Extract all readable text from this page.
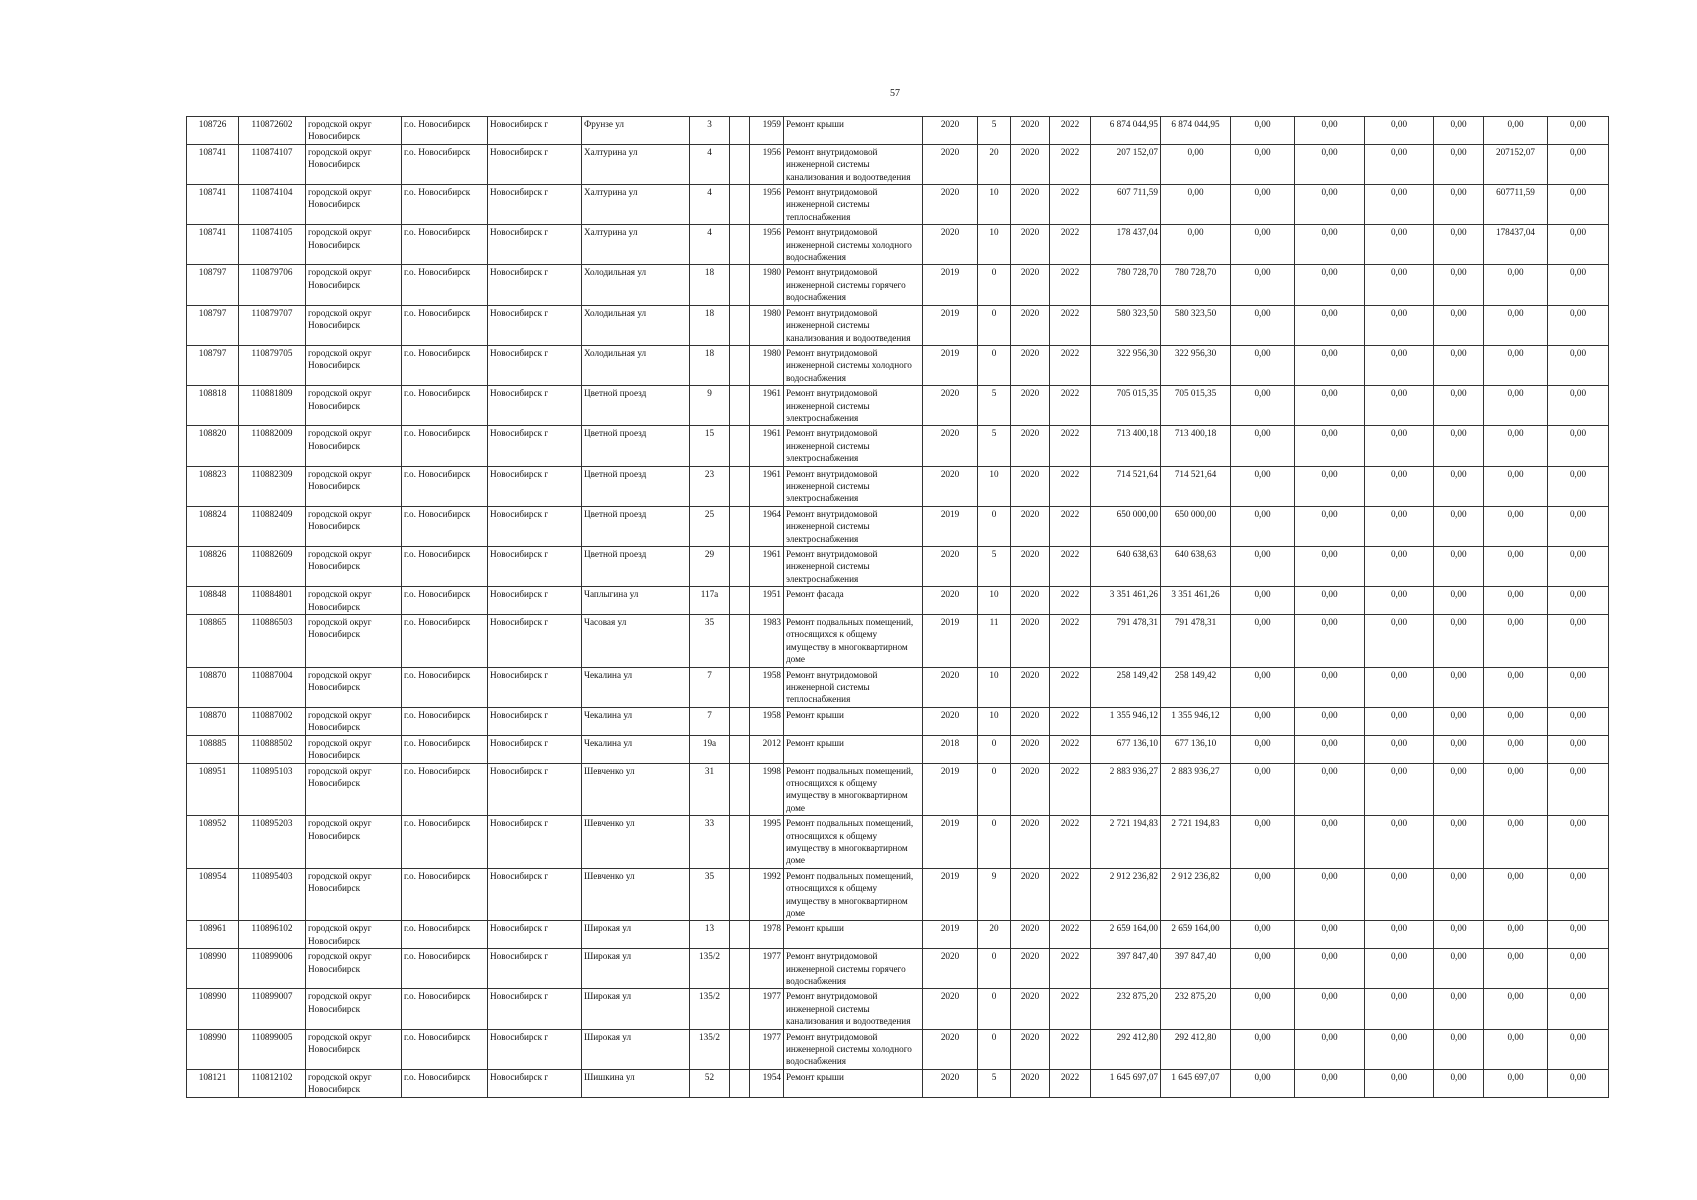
57
108726	110872602	городской округ Новосибирск	г.о. Новосибирск	Новосибирск г	Фрунзе ул	3		1959	Ремонт крыши	2020	5	2020	2022	6 874 044,95	6 874 044,95	0,00	0,00	0,00	0,00	0,00	0,00
108741	110874107	городской округ Новосибирск	г.о. Новосибирск	Новосибирск г	Халтурина ул	4		1956	Ремонт внутридомовой инженерной системы канализования и водоотведения	2020	20	2020	2022	207 152,07	0,00	0,00	0,00	0,00	0,00	207152,07	0,00
108741	110874104	городской округ Новосибирск	г.о. Новосибирск	Новосибирск г	Халтурина ул	4		1956	Ремонт внутридомовой инженерной системы теплоснабжения	2020	10	2020	2022	607 711,59	0,00	0,00	0,00	0,00	0,00	607711,59	0,00
108741	110874105	городской округ Новосибирск	г.о. Новосибирск	Новосибирск г	Халтурина ул	4		1956	Ремонт внутридомовой инженерной системы холодного водоснабжения	2020	10	2020	2022	178 437,04	0,00	0,00	0,00	0,00	0,00	178437,04	0,00
108797	110879706	городской округ Новосибирск	г.о. Новосибирск	Новосибирск г	Холодильная ул	18		1980	Ремонт внутридомовой инженерной системы горячего водоснабжения	2019	0	2020	2022	780 728,70	780 728,70	0,00	0,00	0,00	0,00	0,00	0,00
108797	110879707	городской округ Новосибирск	г.о. Новосибирск	Новосибирск г	Холодильная ул	18		1980	Ремонт внутридомовой инженерной системы канализования и водоотведения	2019	0	2020	2022	580 323,50	580 323,50	0,00	0,00	0,00	0,00	0,00	0,00
108797	110879705	городской округ Новосибирск	г.о. Новосибирск	Новосибирск г	Холодильная ул	18		1980	Ремонт внутридомовой инженерной системы холодного водоснабжения	2019	0	2020	2022	322 956,30	322 956,30	0,00	0,00	0,00	0,00	0,00	0,00
108818	110881809	городской округ Новосибирск	г.о. Новосибирск	Новосибирск г	Цветной проезд	9		1961	Ремонт внутридомовой инженерной системы электроснабжения	2020	5	2020	2022	705 015,35	705 015,35	0,00	0,00	0,00	0,00	0,00	0,00
108820	110882009	городской округ Новосибирск	г.о. Новосибирск	Новосибирск г	Цветной проезд	15		1961	Ремонт внутридомовой инженерной системы электроснабжения	2020	5	2020	2022	713 400,18	713 400,18	0,00	0,00	0,00	0,00	0,00	0,00
108823	110882309	городской округ Новосибирск	г.о. Новосибирск	Новосибирск г	Цветной проезд	23		1961	Ремонт внутридомовой инженерной системы электроснабжения	2020	10	2020	2022	714 521,64	714 521,64	0,00	0,00	0,00	0,00	0,00	0,00
108824	110882409	городской округ Новосибирск	г.о. Новосибирск	Новосибирск г	Цветной проезд	25		1964	Ремонт внутридомовой инженерной системы электроснабжения	2019	0	2020	2022	650 000,00	650 000,00	0,00	0,00	0,00	0,00	0,00	0,00
108826	110882609	городской округ Новосибирск	г.о. Новосибирск	Новосибирск г	Цветной проезд	29		1961	Ремонт внутридомовой инженерной системы электроснабжения	2020	5	2020	2022	640 638,63	640 638,63	0,00	0,00	0,00	0,00	0,00	0,00
108848	110884801	городской округ Новосибирск	г.о. Новосибирск	Новосибирск г	Чаплыгина ул	117а		1951	Ремонт фасада	2020	10	2020	2022	3 351 461,26	3 351 461,26	0,00	0,00	0,00	0,00	0,00	0,00
108865	110886503	городской округ Новосибирск	г.о. Новосибирск	Новосибирск г	Часовая ул	35		1983	Ремонт подвальных помещений, относящихся к общему имуществу в многоквартирном доме	2019	11	2020	2022	791 478,31	791 478,31	0,00	0,00	0,00	0,00	0,00	0,00
108870	110887004	городской округ Новосибирск	г.о. Новосибирск	Новосибирск г	Чекалина ул	7		1958	Ремонт внутридомовой инженерной системы теплоснабжения	2020	10	2020	2022	258 149,42	258 149,42	0,00	0,00	0,00	0,00	0,00	0,00
108870	110887002	городской округ Новосибирск	г.о. Новосибирск	Новосибирск г	Чекалина ул	7		1958	Ремонт крыши	2020	10	2020	2022	1 355 946,12	1 355 946,12	0,00	0,00	0,00	0,00	0,00	0,00
108885	110888502	городской округ Новосибирск	г.о. Новосибирск	Новосибирск г	Чекалина ул	19а		2012	Ремонт крыши	2018	0	2020	2022	677 136,10	677 136,10	0,00	0,00	0,00	0,00	0,00	0,00
108951	110895103	городской округ Новосибирск	г.о. Новосибирск	Новосибирск г	Шевченко ул	31		1998	Ремонт подвальных помещений, относящихся к общему имуществу в многоквартирном доме	2019	0	2020	2022	2 883 936,27	2 883 936,27	0,00	0,00	0,00	0,00	0,00	0,00
108952	110895203	городской округ Новосибирск	г.о. Новосибирск	Новосибирск г	Шевченко ул	33		1995	Ремонт подвальных помещений, относящихся к общему имуществу в многоквартирном доме	2019	0	2020	2022	2 721 194,83	2 721 194,83	0,00	0,00	0,00	0,00	0,00	0,00
108954	110895403	городской округ Новосибирск	г.о. Новосибирск	Новосибирск г	Шевченко ул	35		1992	Ремонт подвальных помещений, относящихся к общему имуществу в многоквартирном доме	2019	9	2020	2022	2 912 236,82	2 912 236,82	0,00	0,00	0,00	0,00	0,00	0,00
108961	110896102	городской округ Новосибирск	г.о. Новосибирск	Новосибирск г	Широкая ул	13		1978	Ремонт крыши	2019	20	2020	2022	2 659 164,00	2 659 164,00	0,00	0,00	0,00	0,00	0,00	0,00
108990	110899006	городской округ Новосибирск	г.о. Новосибирск	Новосибирск г	Широкая ул	135/2		1977	Ремонт внутридомовой инженерной системы горячего водоснабжения	2020	0	2020	2022	397 847,40	397 847,40	0,00	0,00	0,00	0,00	0,00	0,00
108990	110899007	городской округ Новосибирск	г.о. Новосибирск	Новосибирск г	Широкая ул	135/2		1977	Ремонт внутридомовой инженерной системы канализования и водоотведения	2020	0	2020	2022	232 875,20	232 875,20	0,00	0,00	0,00	0,00	0,00	0,00
108990	110899005	городской округ Новосибирск	г.о. Новосибирск	Новосибирск г	Широкая ул	135/2		1977	Ремонт внутридомовой инженерной системы холодного водоснабжения	2020	0	2020	2022	292 412,80	292 412,80	0,00	0,00	0,00	0,00	0,00	0,00
108121	110812102	городской округ Новосибирск	г.о. Новосибирск	Новосибирск г	Шишкина ул	52		1954	Ремонт крыши	2020	5	2020	2022	1 645 697,07	1 645 697,07	0,00	0,00	0,00	0,00	0,00	0,00
